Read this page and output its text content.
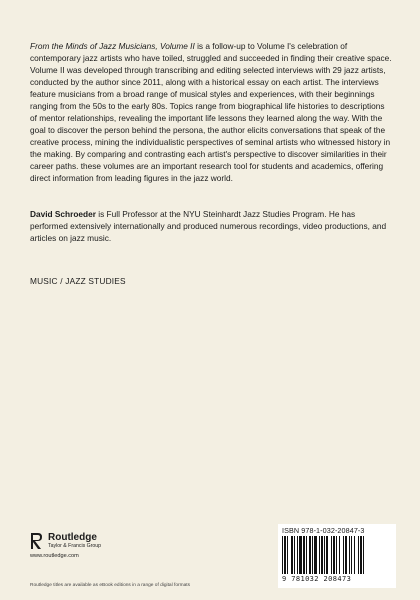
From the Minds of Jazz Musicians, Volume II is a follow-up to Volume I's celebration of contemporary jazz artists who have toiled, struggled and succeeded in finding their creative space. Volume II was developed through transcribing and editing selected interviews with 29 jazz artists, conducted by the author since 2011, along with a historical essay on each artist. The interviews feature musicians from a broad range of musical styles and experiences, with their beginnings ranging from the 50s to the early 80s. Topics range from biographical life histories to descriptions of mentor relationships, revealing the important life lessons they learned along the way. With the goal to discover the person behind the persona, the author elicits conversations that speak of the creative process, mining the individualistic perspectives of seminal artists who witnessed history in the making. By comparing and contrasting each artist's perspective to discover similarities in their career paths. these volumes are an important research tool for students and academics, offering direct information from leading figures in the jazz world.

David Schroeder is Full Professor at the NYU Steinhardt Jazz Studies Program. He has performed extensively internationally and produced numerous recordings, video productions, and articles on jazz music.

MUSIC / JAZZ STUDIES
Routledge
Taylor & Francis Group
www.routledge.com
Routledge titles are available as eBook editions in a range of digital formats
ISBN 978-1-032-20847-3
9 781032 208473
